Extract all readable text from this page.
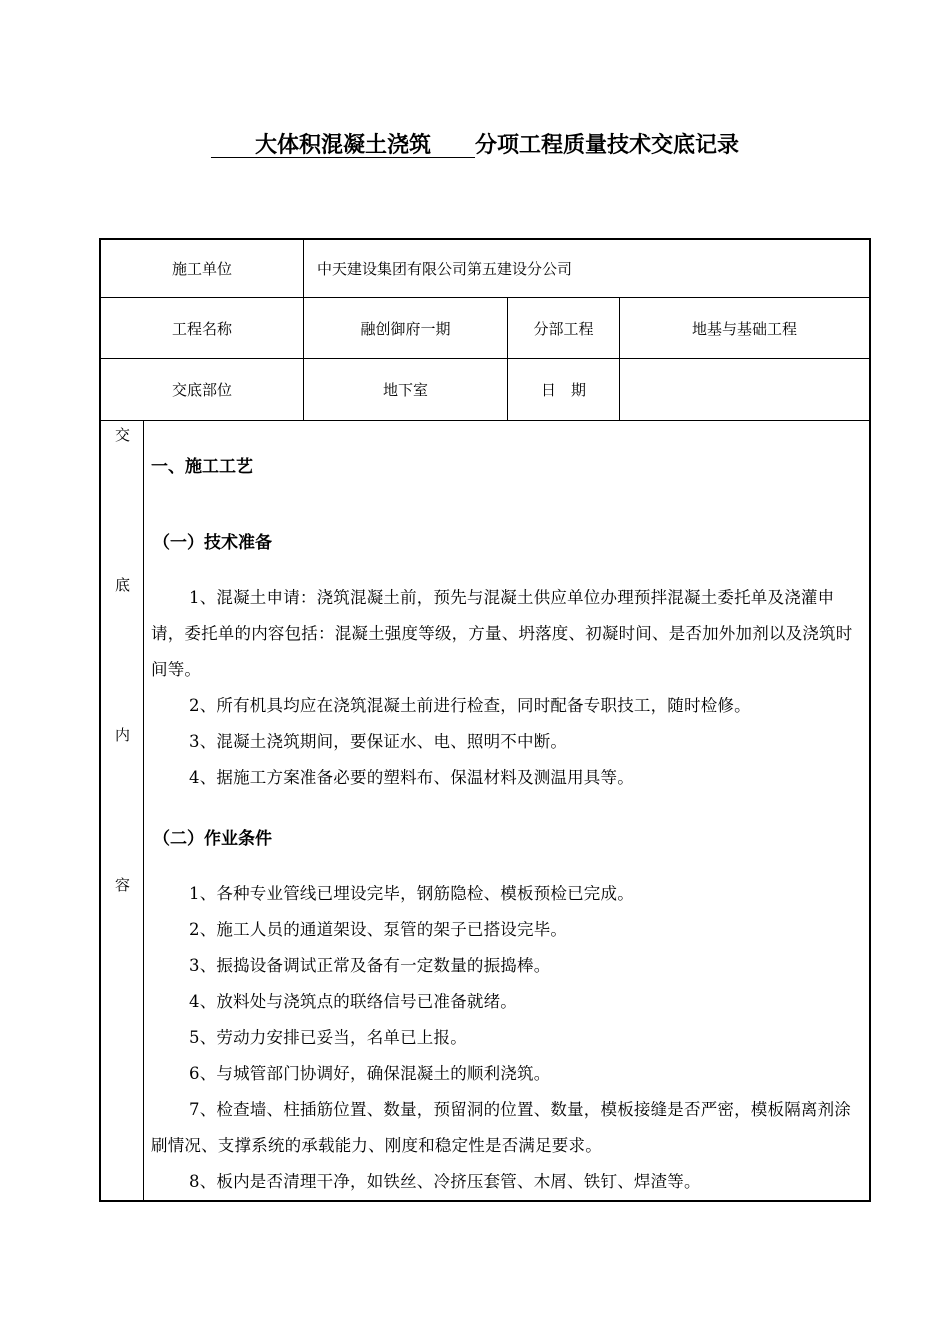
　　大体积混凝土浇筑　　 分项工程质量技术交底记录
施工单位	中天建设集团有限公司第五建设分公司
工程名称	融创御府一期	分部工程	地基与基础工程
交底部位	地下室	日　期
交
底
内
容
一、施工工艺
（一）技术准备
1、混凝土申请：浇筑混凝土前，预先与混凝土供应单位办理预拌混凝土委托单及浇灌申请，委托单的内容包括：混凝土强度等级，方量、坍落度、初凝时间、是否加外加剂以及浇筑时间等。
2、所有机具均应在浇筑混凝土前进行检查，同时配备专职技工，随时检修。
3、混凝土浇筑期间，要保证水、电、照明不中断。
4、据施工方案准备必要的塑料布、保温材料及测温用具等。
（二）作业条件
1、各种专业管线已埋设完毕，钢筋隐检、模板预检已完成。
2、施工人员的通道架设、泵管的架子已搭设完毕。
3、振捣设备调试正常及备有一定数量的振捣棒。
4、放料处与浇筑点的联络信号已准备就绪。
5、劳动力安排已妥当，名单已上报。
6、与城管部门协调好，确保混凝土的顺利浇筑。
7、检查墙、柱插筋位置、数量，预留洞的位置、数量，模板接缝是否严密，模板隔离剂涂刷情况、支撑系统的承载能力、刚度和稳定性是否满足要求。
8、板内是否清理干净，如铁丝、冷挤压套管、木屑、铁钉、焊渣等。
